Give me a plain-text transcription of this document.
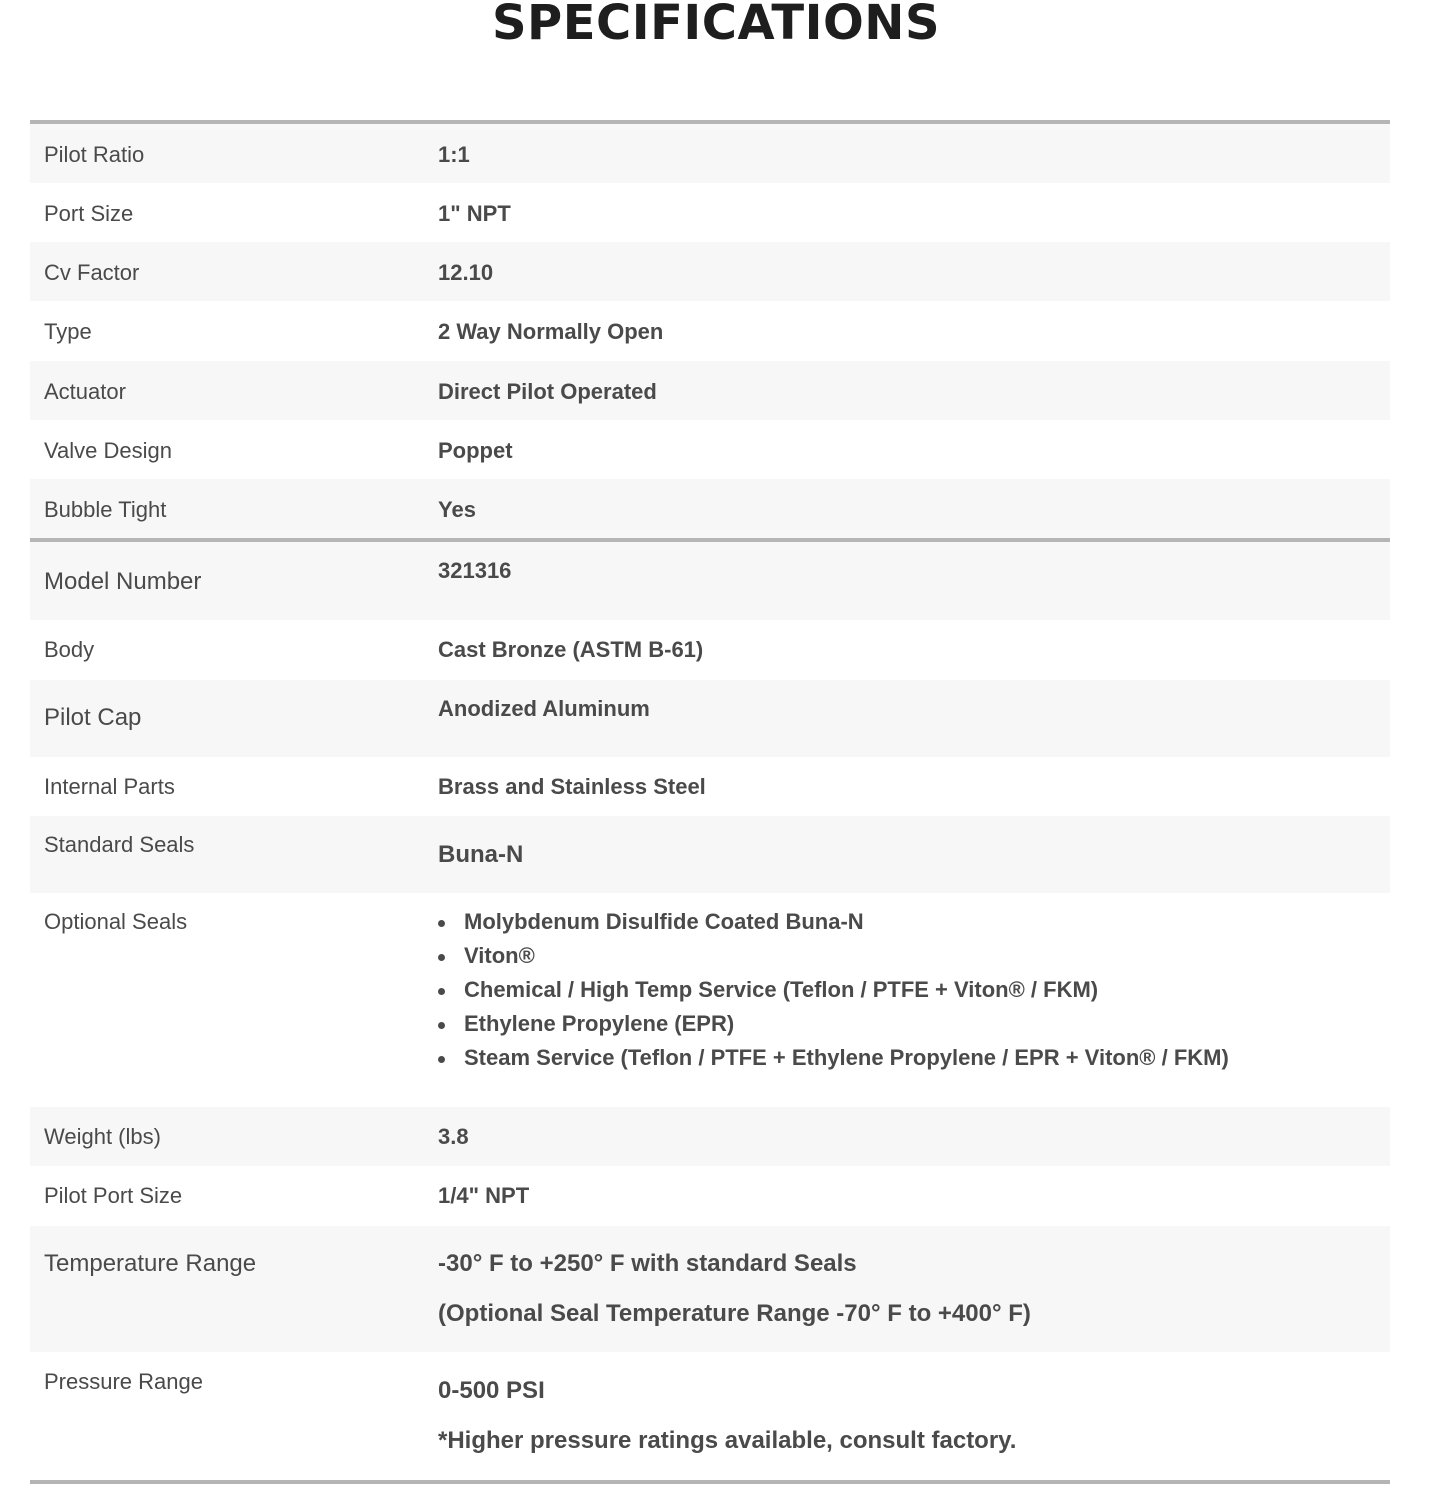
SPECIFICATIONS
Pilot Ratio	1:1
Port Size	1" NPT
Cv Factor	12.10
Type	2 Way Normally Open
Actuator	Direct Pilot Operated
Valve Design	Poppet
Bubble Tight	Yes
Model Number	321316
Body	Cast Bronze (ASTM B-61)
Pilot Cap	Anodized Aluminum
Internal Parts	Brass and Stainless Steel
Standard Seals	Buna-N
Optional Seals	Molybdenum Disulfide Coated Buna-N
Viton®
Chemical / High Temp Service (Teflon / PTFE + Viton® / FKM)
Ethylene Propylene (EPR)
Steam Service (Teflon / PTFE + Ethylene Propylene / EPR + Viton® / FKM)
Weight (lbs)	3.8
Pilot Port Size	1/4" NPT
Temperature Range	-30° F to +250° F with standard Seals
(Optional Seal Temperature Range -70° F to +400° F)
Pressure Range	0-500 PSI
*Higher pressure ratings available, consult factory.
